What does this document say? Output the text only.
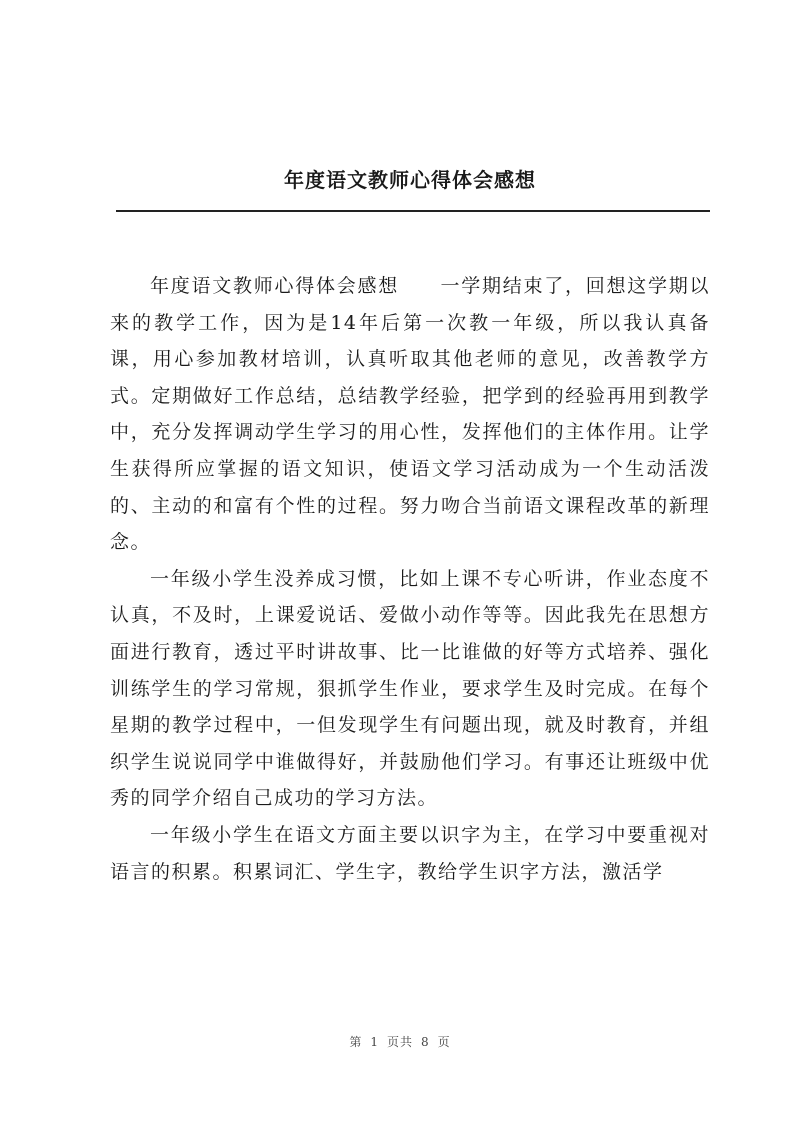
年度语文教师心得体会感想

年度语文教师心得体会感想　　一学期结束了，回想这学期以来的教学工作，因为是14年后第一次教一年级，所以我认真备课，用心参加教材培训，认真听取其他老师的意见，改善教学方式。定期做好工作总结，总结教学经验，把学到的经验再用到教学中，充分发挥调动学生学习的用心性，发挥他们的主体作用。让学生获得所应掌握的语文知识，使语文学习活动成为一个生动活泼的、主动的和富有个性的过程。努力吻合当前语文课程改革的新理念。

一年级小学生没养成习惯，比如上课不专心听讲，作业态度不认真，不及时，上课爱说话、爱做小动作等等。因此我先在思想方面进行教育，透过平时讲故事、比一比谁做的好等方式培养、强化训练学生的学习常规，狠抓学生作业，要求学生及时完成。在每个星期的教学过程中，一但发现学生有问题出现，就及时教育，并组织学生说说同学中谁做得好，并鼓励他们学习。有事还让班级中优秀的同学介绍自己成功的学习方法。

一年级小学生在语文方面主要以识字为主，在学习中要重视对语言的积累。积累词汇、学生字，教给学生识字方法，激活学

第 1 页共 8 页
